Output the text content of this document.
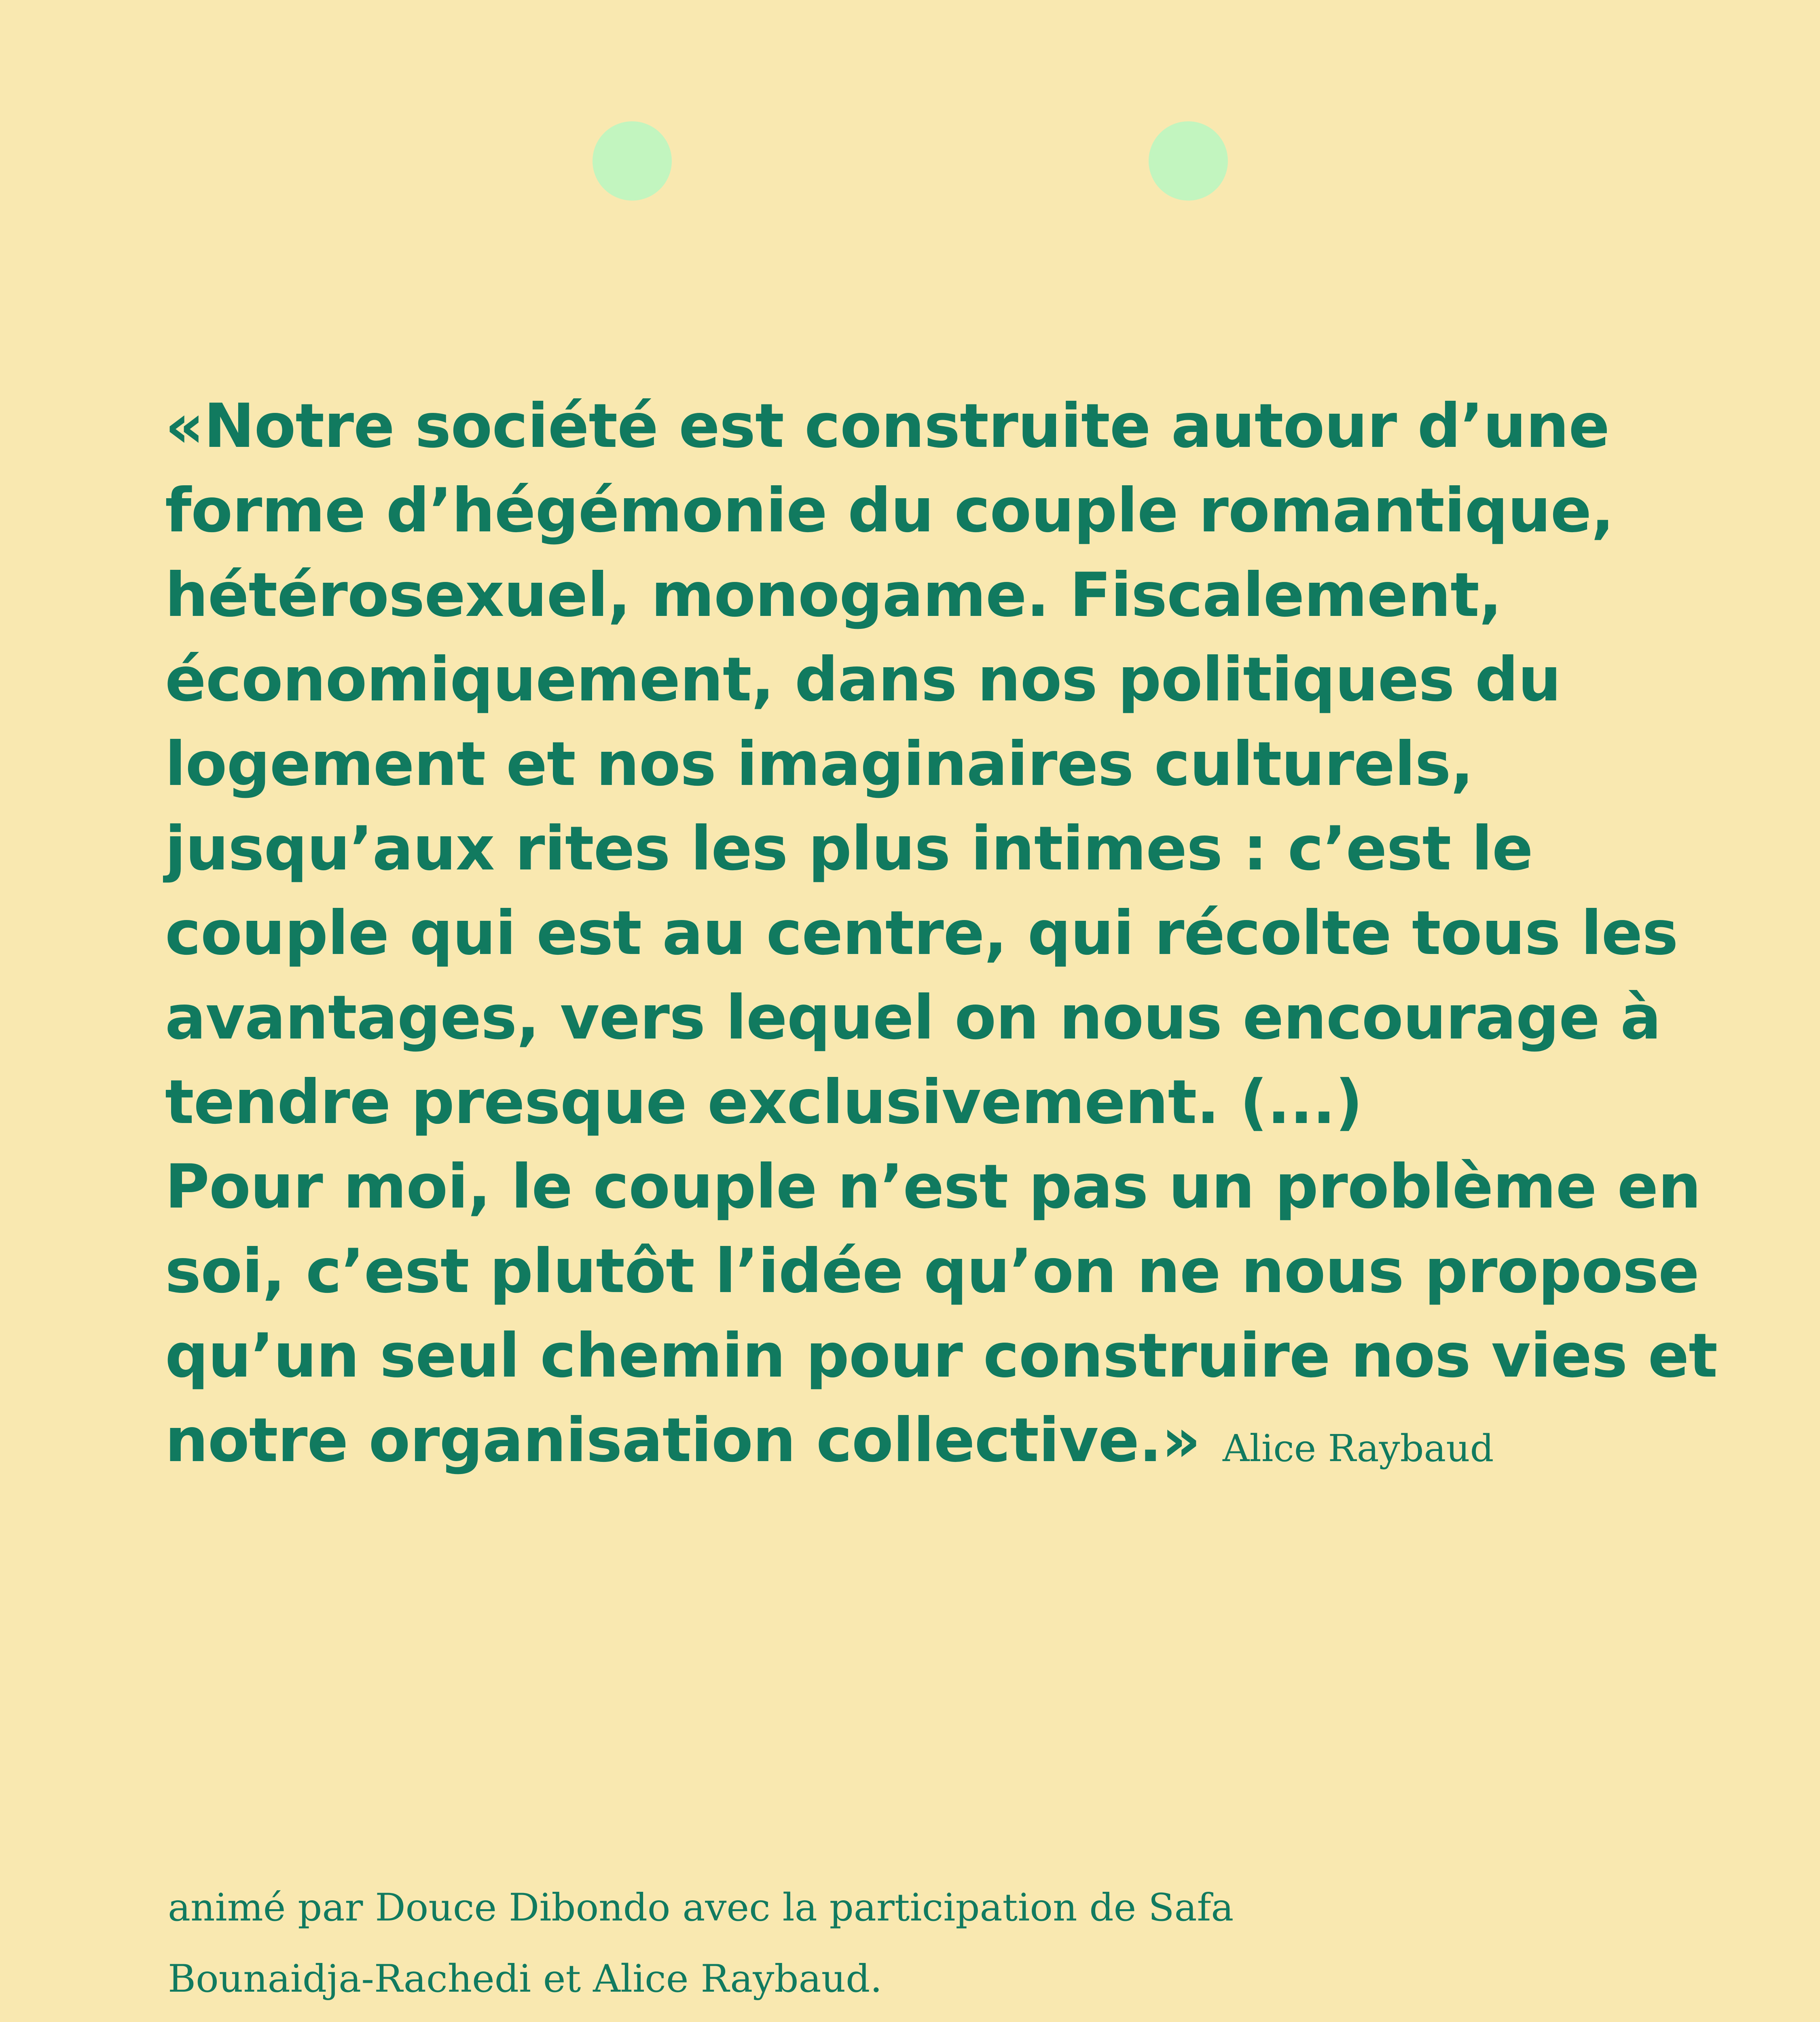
«Notre société est construite autour d’une
forme d’hégémonie du couple romantique,
hétérosexuel, monogame. Fiscalement,
économiquement, dans nos politiques du
logement et nos imaginaires culturels,
jusqu’aux rites les plus intimes : c’est le
couple qui est au centre, qui récolte tous les
avantages, vers lequel on nous encourage à
tendre presque exclusivement. (...)
Pour moi, le couple n’est pas un problème en
soi, c’est plutôt l’idée qu’on ne nous propose
qu’un seul chemin pour construire nos vies et
notre organisation collective.» Alice Raybaud
animé par Douce Dibondo avec la participation de Safa
Bounaidja-Rachedi et Alice Raybaud.
